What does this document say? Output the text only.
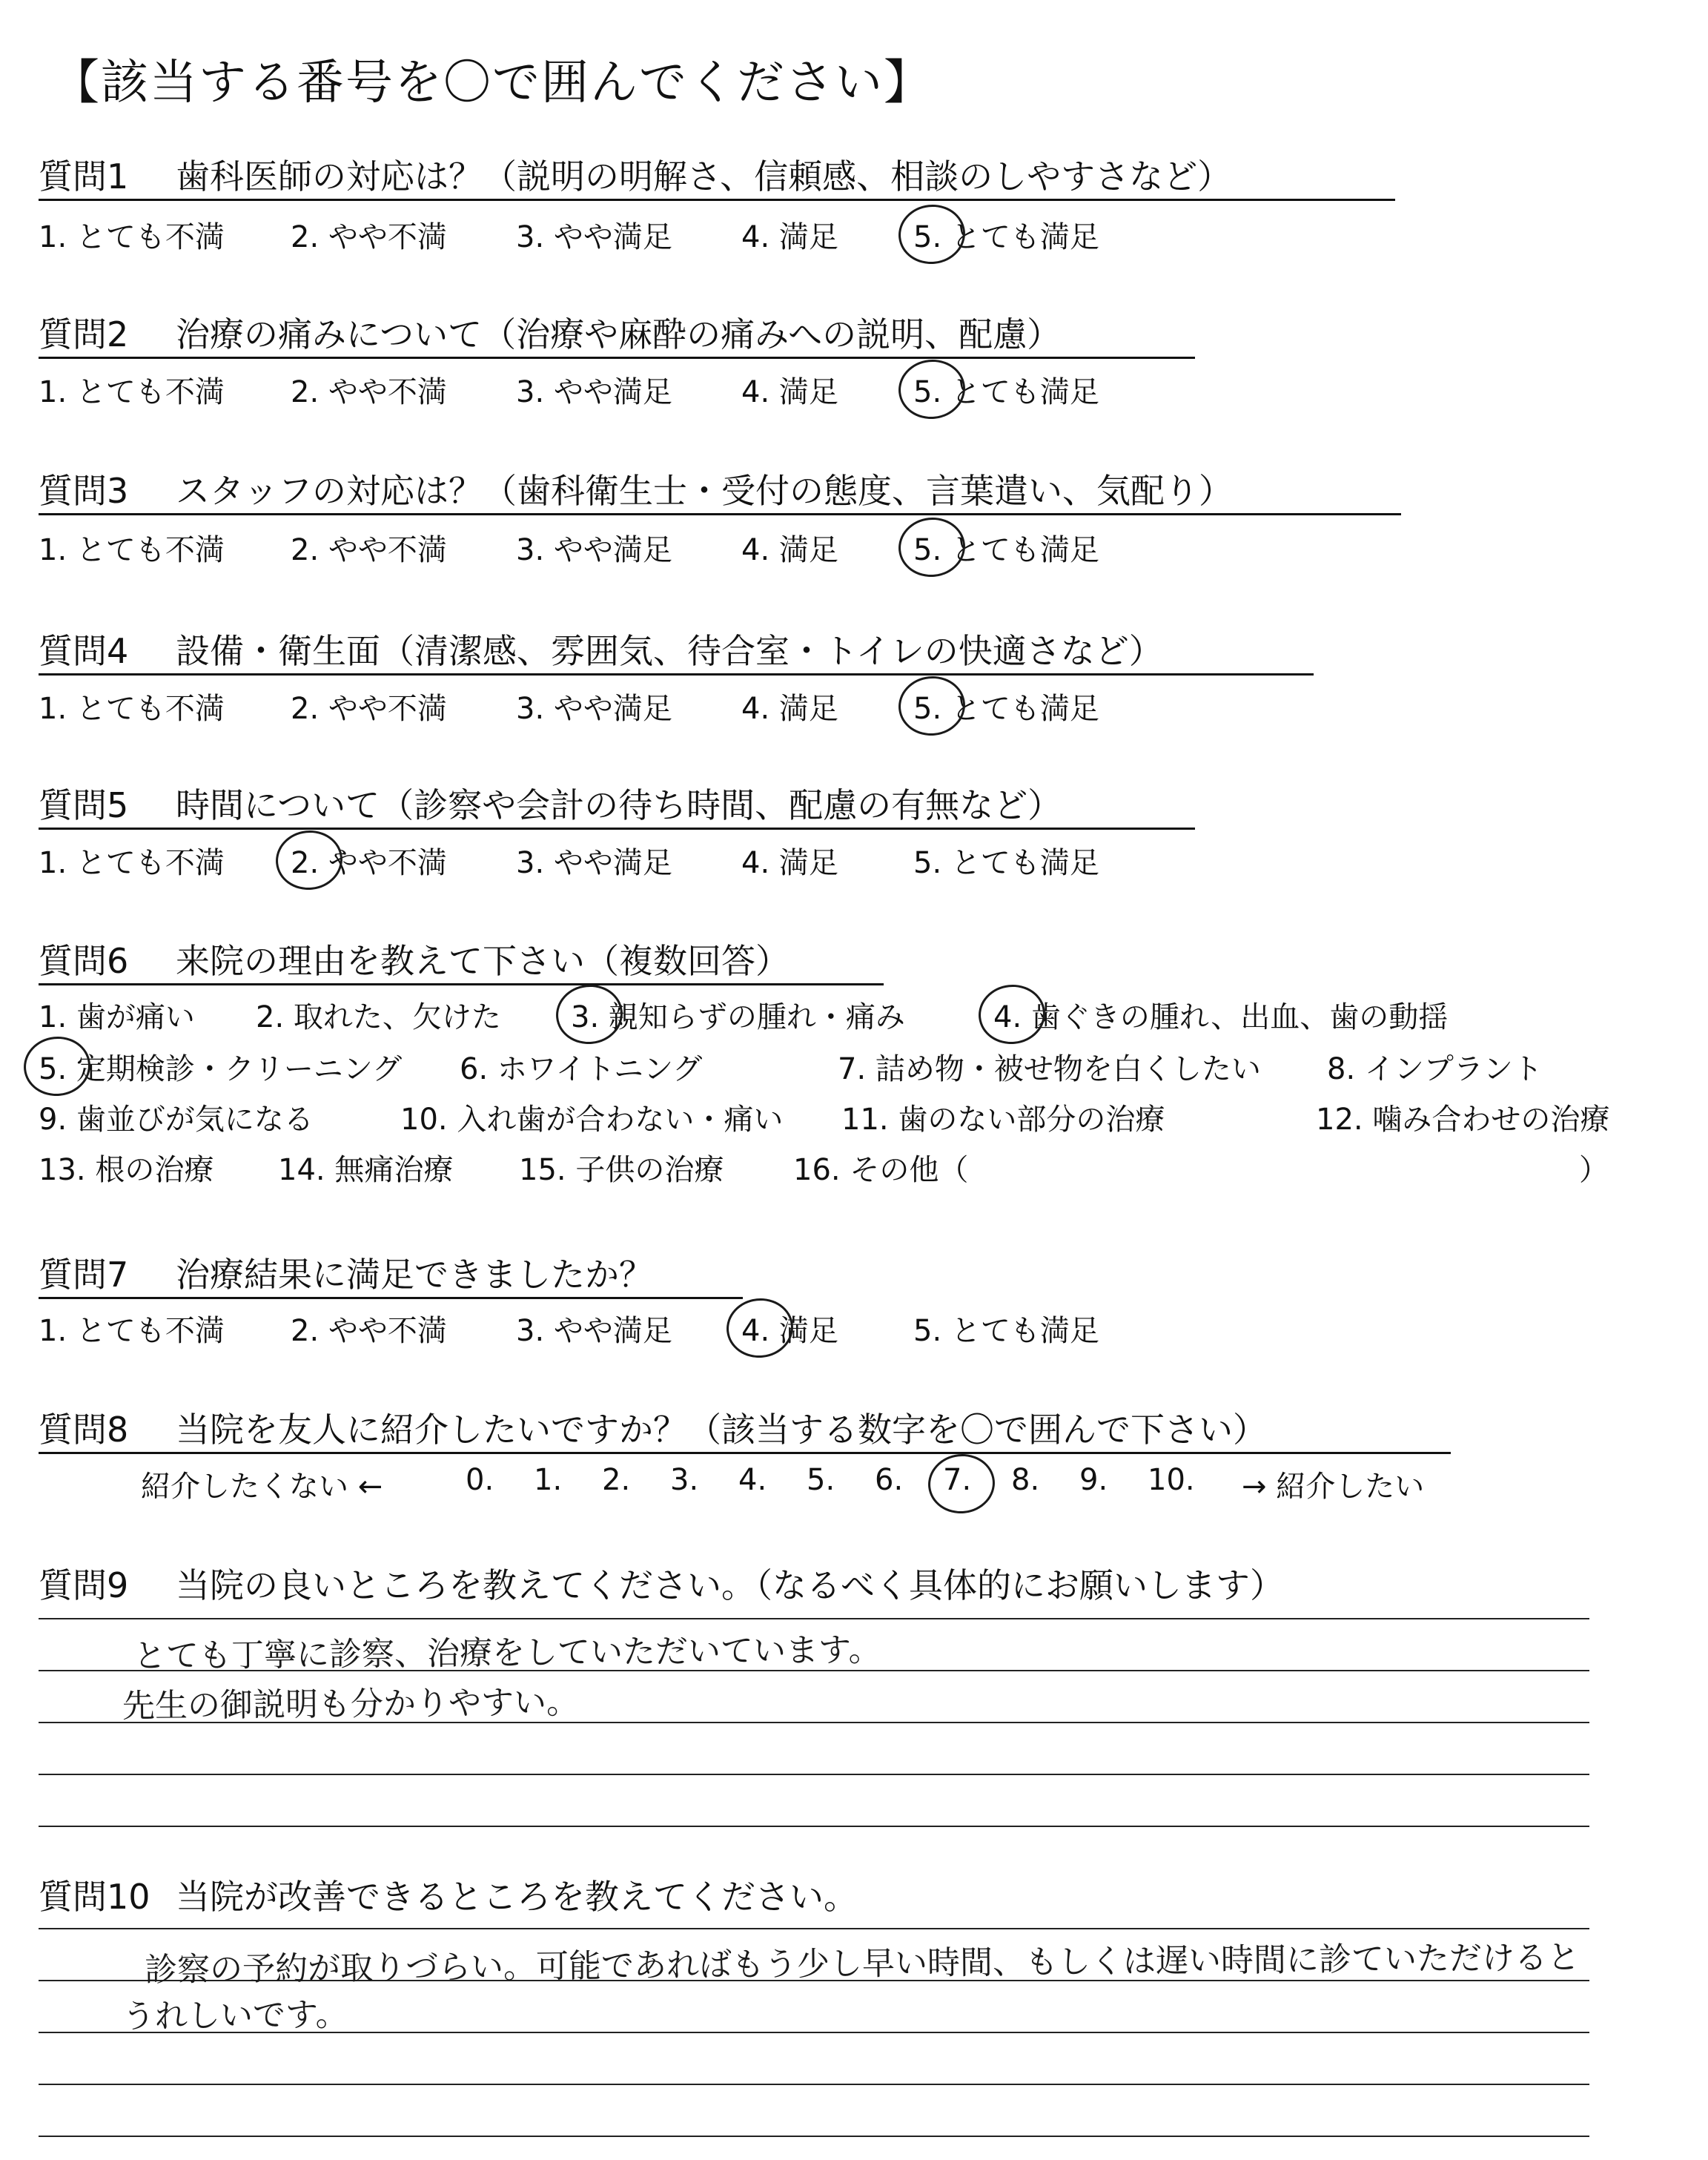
【該当する番号を〇で囲んでください】
質問1 歯科医師の対応は？（説明の明解さ、信頼感、相談のしやすさなど）
1. とても不満 2. やや不満 3. やや満足 4. 満足	5. とても満足
質問2 治療の痛みについて（治療や麻酔の痛みへの説明、配慮）
1. とても不満 2. やや不満 3. やや満足 4. 満足	5. とても満足
質問3 スタッフの対応は？（歯科衛生士・受付の態度、言葉遣い、気配り）
1. とても不満 2. やや不満 3. やや満足 4. 満足	5. とても満足
質問4 設備・衛生面（清潔感、雰囲気、待合室・トイレの快適さなど）
1. とても不満 2. やや不満 3. やや満足 4. 満足	5. とても満足
質問5 時間について（診察や会計の待ち時間、配慮の有無など）
1. とても不満 2. やや不満 3. やや満足 4. 満足	5. とても満足
質問6 来院の理由を教えて下さい（複数回答）
1. 歯が痛い 2. 取れた、欠けた 3. 親知らずの腫れ・痛み	4. 歯ぐきの腫れ、出血、歯の動揺
5. 定期検診・クリーニング 6. ホワイトニング	7. 詰め物・被せ物を白くしたい 8. インプラント
9. 歯並びが気になる	10. 入れ歯が合わない・痛い 11. 歯のない部分の治療	12. 噛み合わせの治療
13. 根の治療 14. 無痛治療 15. 子供の治療 16. その他（	）
質問7 治療結果に満足できましたか？
1. とても不満 2. やや不満 3. やや満足 4. 満足	5. とても満足
質問8 当院を友人に紹介したいですか？（該当する数字を〇で囲んで下さい）
紹介したくない ←	→ 紹介したい
0. 1. 2. 3. 4. 5. 6. 7. 8. 9. 10.
質問9 当院の良いところを教えてください。（なるべく具体的にお願いします）
とても丁寧に診察、治療をしていただいています。
先生の御説明も分かりやすい。
質問10 当院が改善できるところを教えてください。
診察の予約が取りづらい。可能であればもう少し早い時間、もしくは遅い時間に診ていただけると
うれしいです。
